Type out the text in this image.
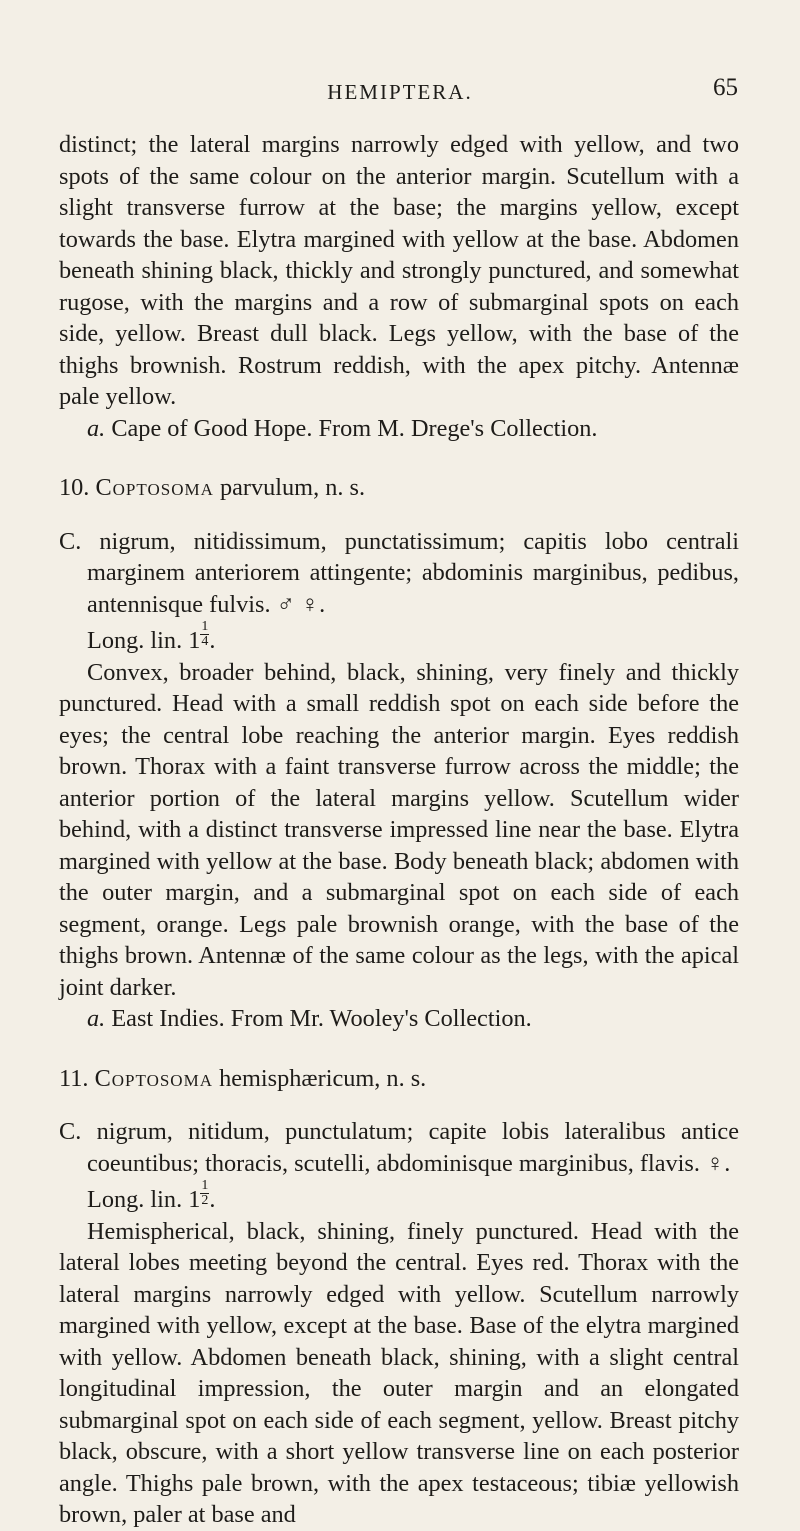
HEMIPTERA.	65

distinct; the lateral margins narrowly edged with yellow, and two spots of the same colour on the anterior margin. Scutellum with a slight transverse furrow at the base; the margins yellow, except towards the base. Elytra margined with yellow at the base. Abdomen beneath shining black, thickly and strongly punctured, and somewhat rugose, with the margins and a row of submarginal spots on each side, yellow. Breast dull black. Legs yellow, with the base of the thighs brownish. Rostrum reddish, with the apex pitchy. Antennæ pale yellow.

a. Cape of Good Hope. From M. Drege's Collection.

10. Coptosoma parvulum, n. s.

C. nigrum, nitidissimum, punctatissimum; capitis lobo centrali marginem anteriorem attingente; abdominis marginibus, pedibus, antennisque fulvis. ♂ ♀.

Long. lin. $1 \frac{1}{4}$ .

Convex, broader behind, black, shining, very finely and thickly punctured. Head with a small reddish spot on each side before the eyes; the central lobe reaching the anterior margin. Eyes reddish brown. Thorax with a faint transverse furrow across the middle; the anterior portion of the lateral margins yellow. Scutellum wider behind, with a distinct transverse impressed line near the base. Elytra margined with yellow at the base. Body beneath black; abdomen with the outer margin, and a submarginal spot on each side of each segment, orange. Legs pale brownish orange, with the base of the thighs brown. Antennæ of the same colour as the legs, with the apical joint darker.

a. East Indies. From Mr. Wooley's Collection.

11. Coptosoma hemisphæricum, n. s.

C. nigrum, nitidum, punctulatum; capite lobis lateralibus antice coeuntibus; thoracis, scutelli, abdominisque marginibus, flavis. ♀.

Long. lin. $1 \frac{1}{2}$ .

Hemispherical, black, shining, finely punctured. Head with the lateral lobes meeting beyond the central. Eyes red. Thorax with the lateral margins narrowly edged with yellow. Scutellum narrowly margined with yellow, except at the base. Base of the elytra margined with yellow. Abdomen beneath black, shining, with a slight central longitudinal impression, the outer margin and an elongated submarginal spot on each side of each segment, yellow. Breast pitchy black, obscure, with a short yellow transverse line on each posterior angle. Thighs pale brown, with the apex testaceous; tibiæ yellowish brown, paler at base and
